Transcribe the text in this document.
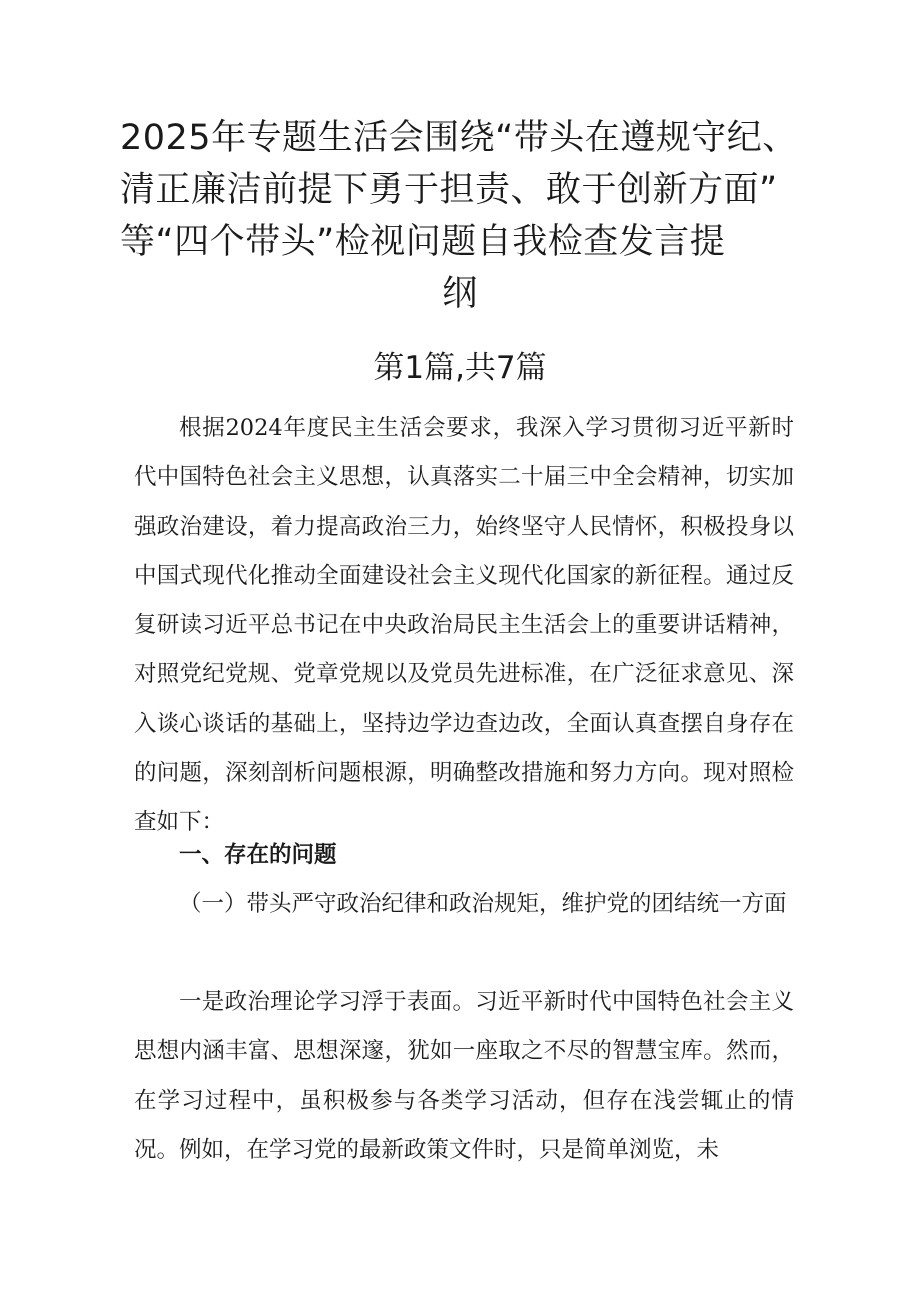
2025年专题生活会围绕“带头在遵规守纪、
清正廉洁前提下勇于担责、敢于创新方面”
等“四个带头”检视问题自我检查发言提
纲
第1篇,共7篇

根据2024年度民主生活会要求，我深入学习贯彻习近平新时代中国特色社会主义思想，认真落实二十届三中全会精神，切实加强政治建设，着力提高政治三力，始终坚守人民情怀，积极投身以中国式现代化推动全面建设社会主义现代化国家的新征程。通过反复研读习近平总书记在中央政治局民主生活会上的重要讲话精神，对照党纪党规、党章党规以及党员先进标准，在广泛征求意见、深入谈心谈话的基础上，坚持边学边查边改，全面认真查摆自身存在的问题，深刻剖析问题根源，明确整改措施和努力方向。现对照检查如下：

一、存在的问题

（一）带头严守政治纪律和政治规矩，维护党的团结统一方面

一是政治理论学习浮于表面。习近平新时代中国特色社会主义思想内涵丰富、思想深邃，犹如一座取之不尽的智慧宝库。然而，在学习过程中，虽积极参与各类学习活动，但存在浅尝辄止的情况。例如，在学习党的最新政策文件时，只是简单浏览，未
